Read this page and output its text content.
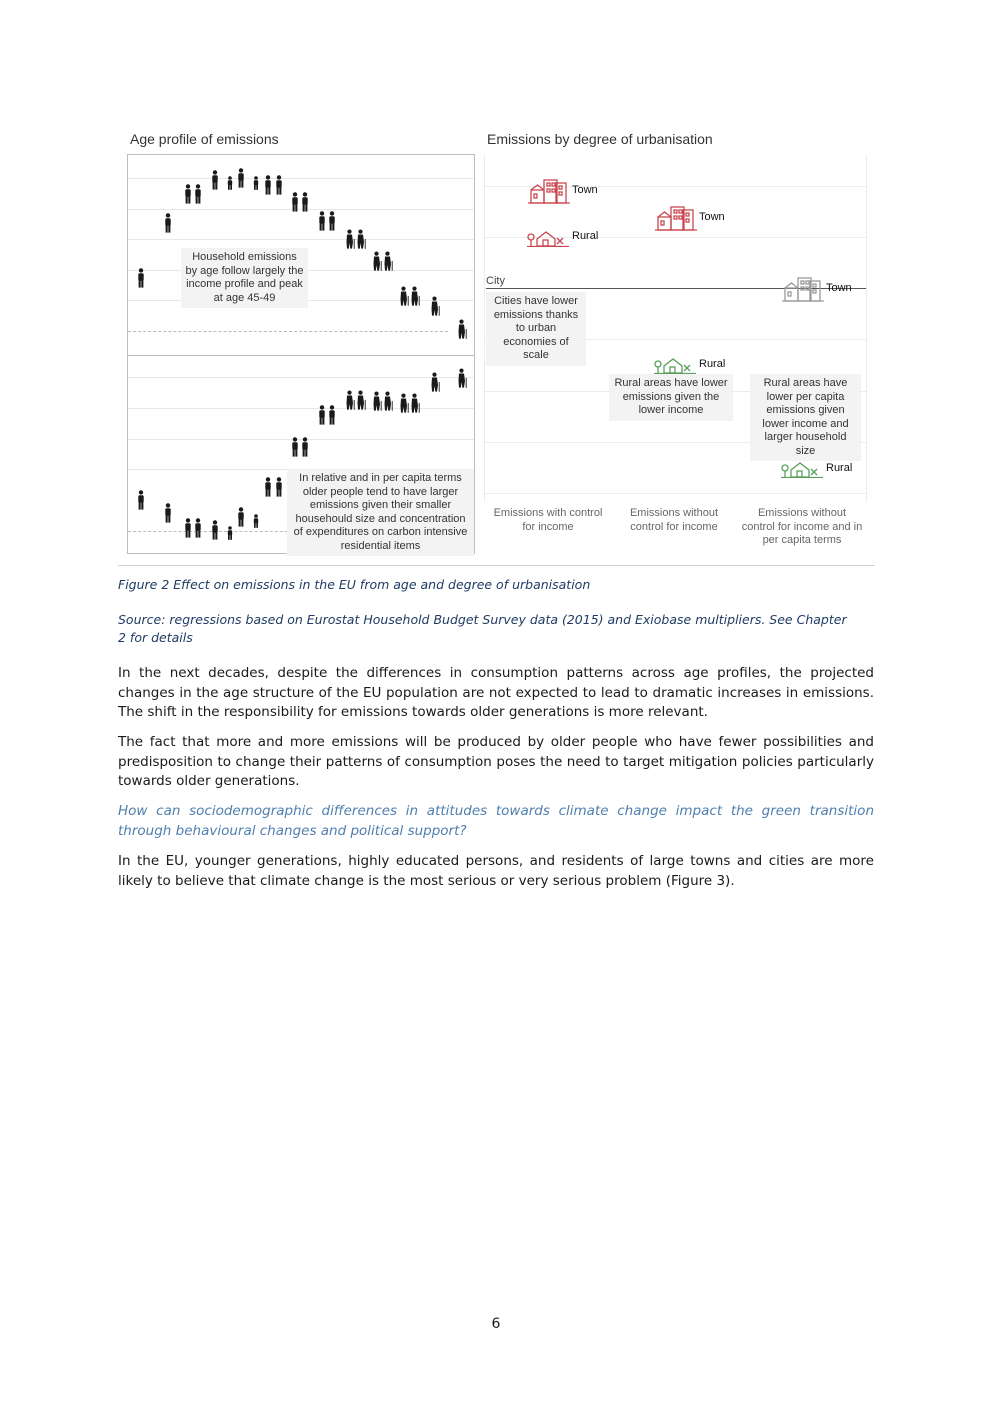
Age profile of emissions
Household emissions by age follow largely the income profile and peak at age 45-49
In relative and in per capita terms older people tend to have larger emissions given their smaller househould size and concentration of expenditures on carbon intensive residential items
Emissions by degree of urbanisation
City
Town
Rural
Cities have lower emissions thanks to urban economies of scale
Town
Rural
Rural areas have lower emissions given the lower income
Town
Rural areas have lower per capita emissions given lower income and larger household size
Rural
Emissions with control for income
Emissions without control for income
Emissions without control for income and in per capita terms
Figure 2 Effect on emissions in the EU from age and degree of urbanisation
Source: regressions based on Eurostat Household Budget Survey data (2015) and Exiobase multipliers. See Chapter 2 for details

In the next decades, despite the differences in consumption patterns across age profiles, the projected changes in the age structure of the EU population are not expected to lead to dramatic increases in emissions. The shift in the responsibility for emissions towards older generations is more relevant.

The fact that more and more emissions will be produced by older people who have fewer possibilities and predisposition to change their patterns of consumption poses the need to target mitigation policies particularly towards older generations.

How can sociodemographic differences in attitudes towards climate change impact the green transition through behavioural changes and political support?

In the EU, younger generations, highly educated persons, and residents of large towns and cities are more likely to believe that climate change is the most serious or very serious problem (Figure 3).

6
